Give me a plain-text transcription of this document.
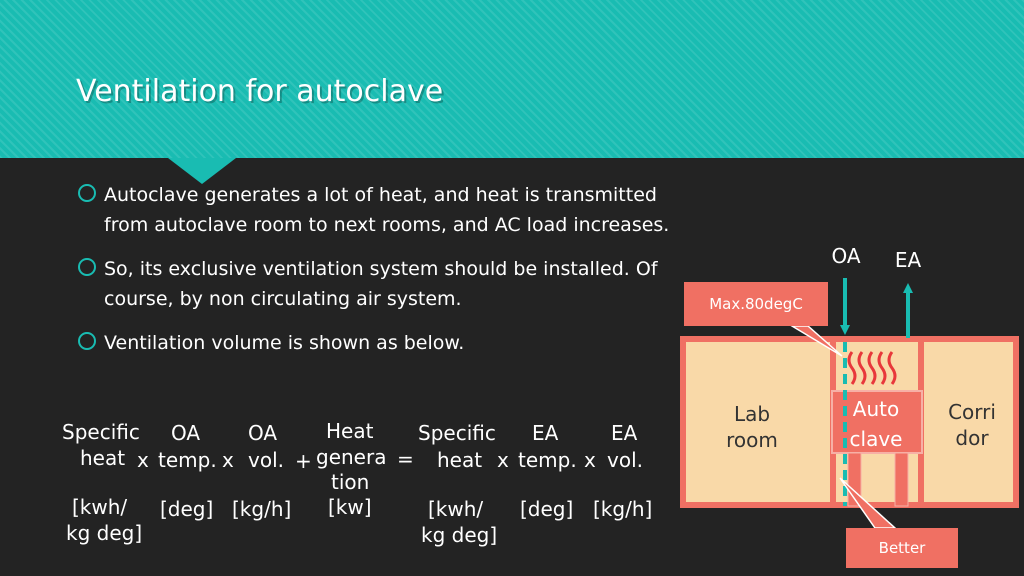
Ventilation for autoclave
Autoclave generates a lot of heat, and heat is transmitted from autoclave room to next rooms, and AC load increases.
So, its exclusive ventilation system should be installed. Of course, by non circulating air system.
Ventilation volume is shown as below.
Specific
heat x
OA
temp. x
OA
vol. +
Heat
genera
tion
=
Specific
heat x
EA
temp. x
EA
vol.
[kwh/
kg deg]
[deg] [kg/h] [kw]	[kwh/
kg deg]
[deg] [kg/h]
OA EA
Lab
room
Auto
clave
Corri
dor
Max.80degC
Better
